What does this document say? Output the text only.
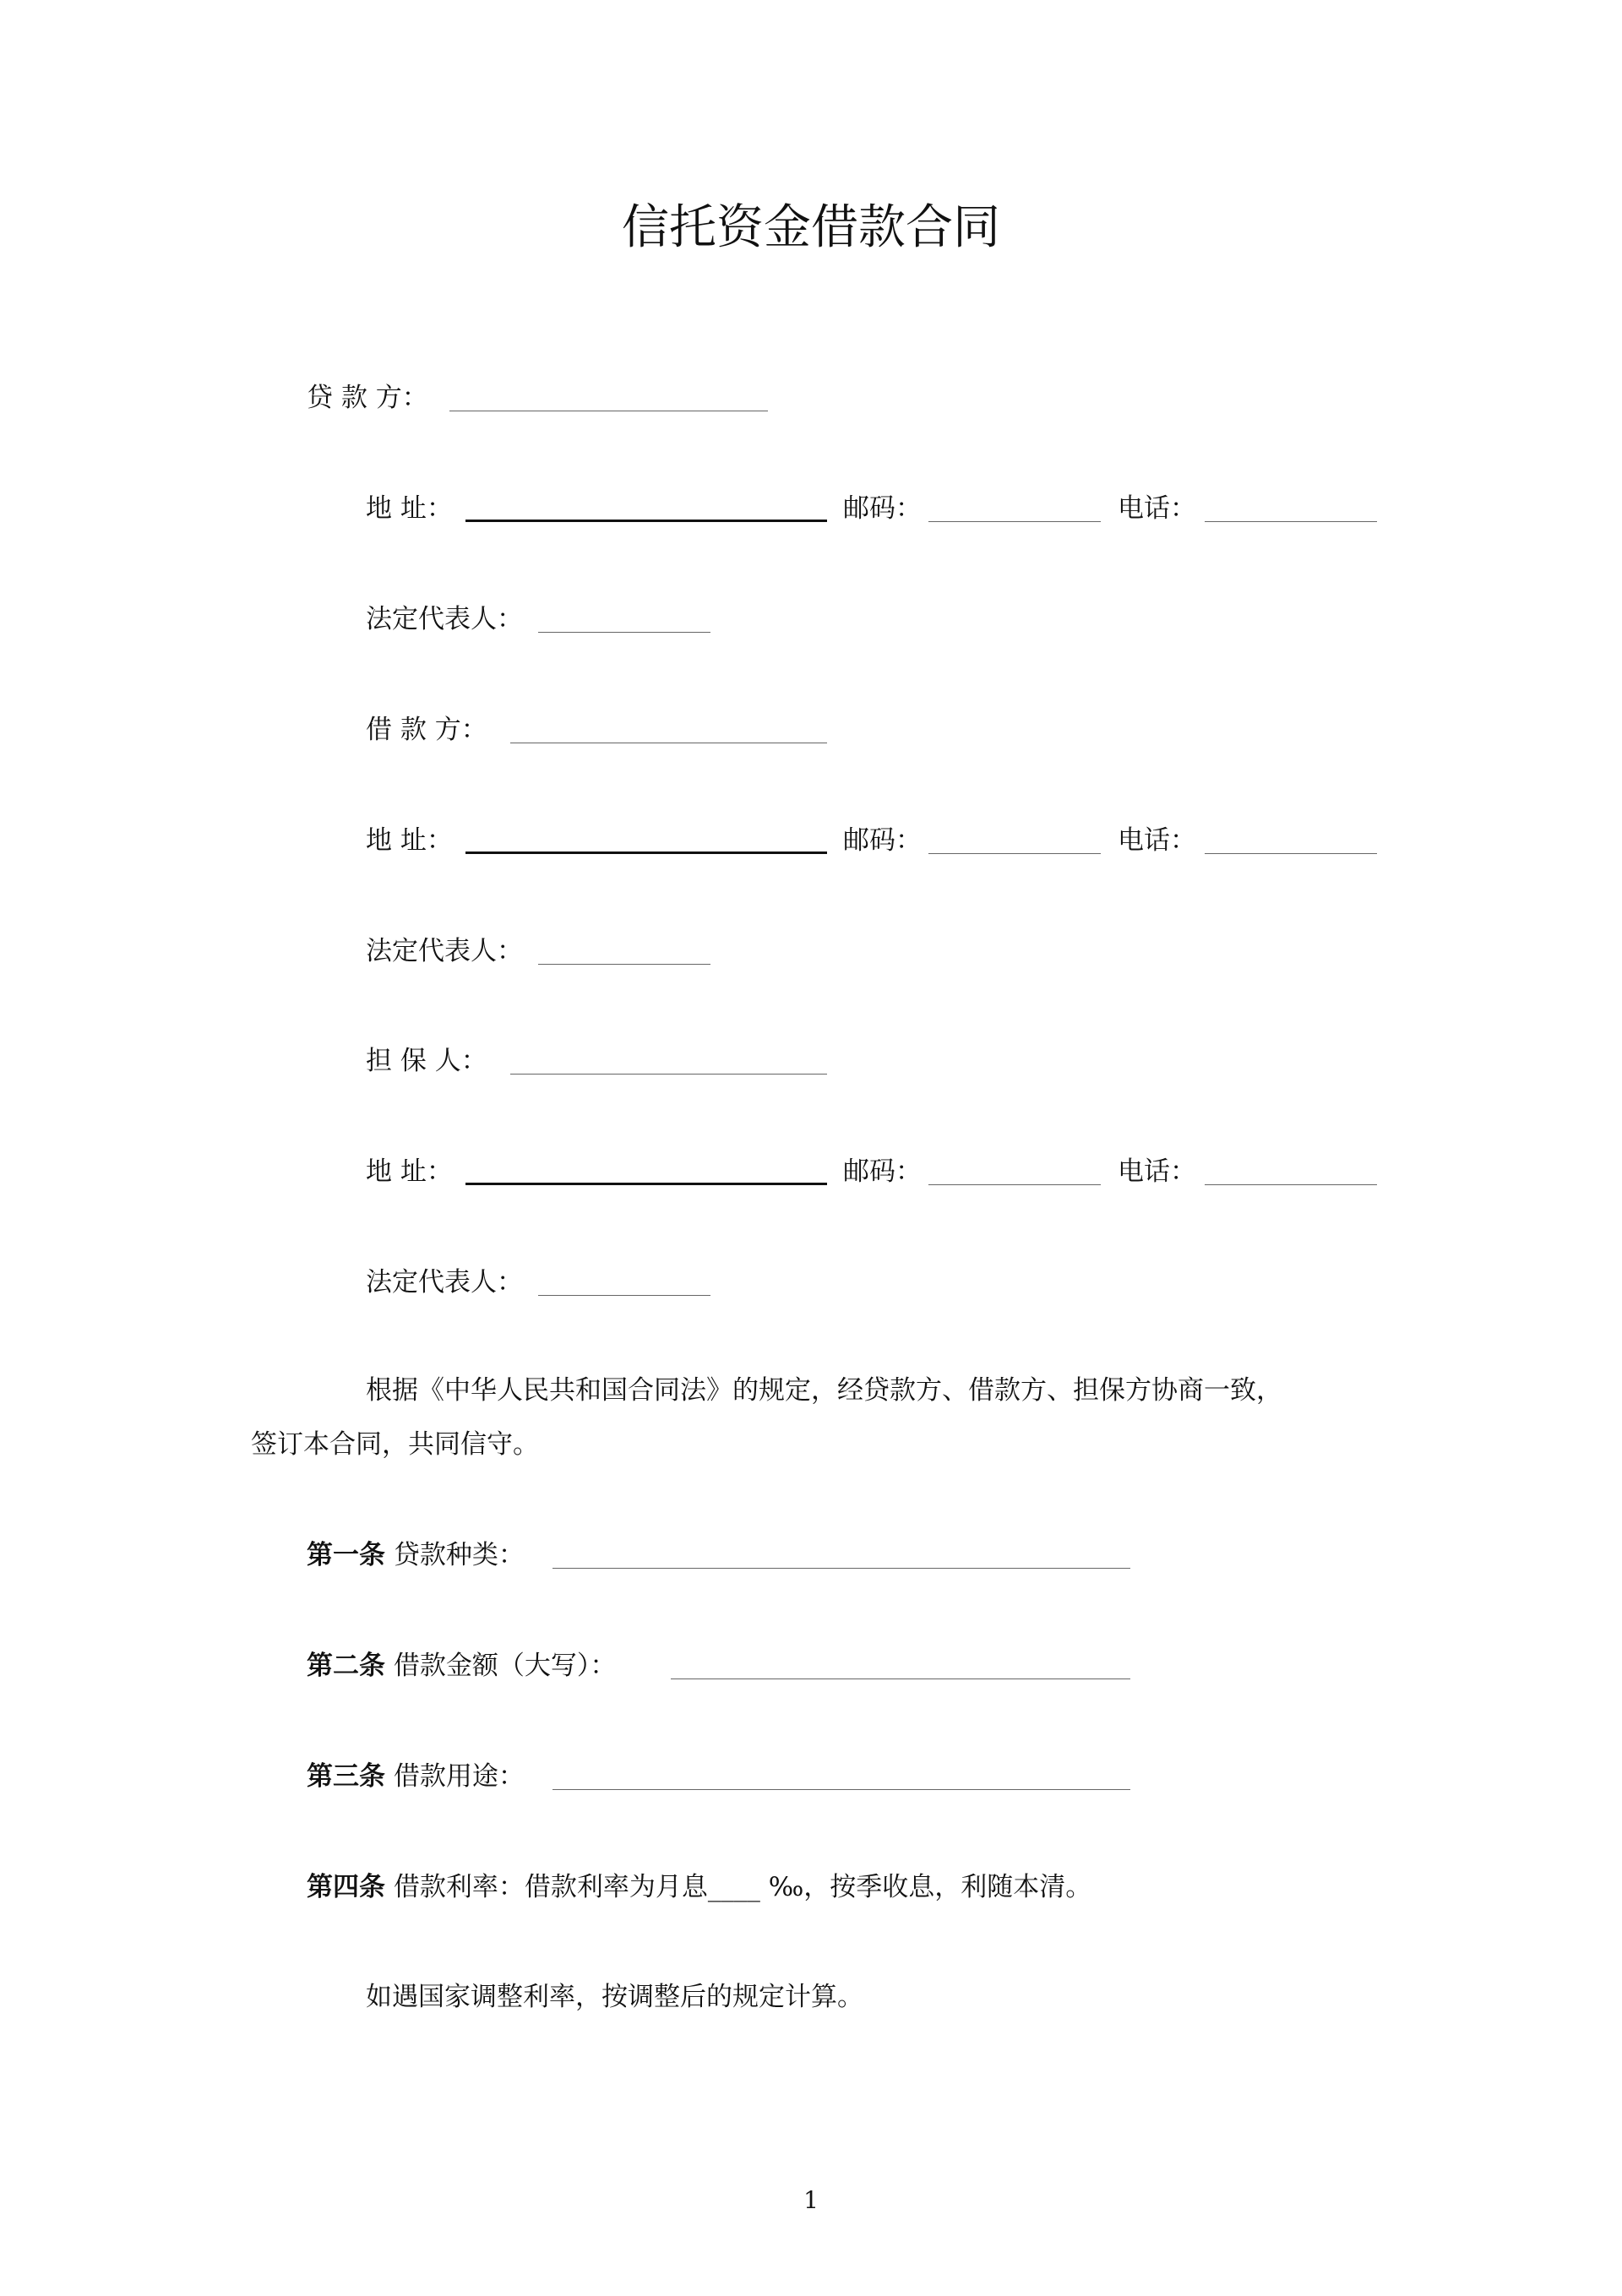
信托资金借款合同
贷 款 方：
地 址：	邮码：	电话：
法定代表人：
借 款 方：
地 址：	邮码：	电话：
法定代表人：
担 保 人：
地 址：	邮码：	电话：
法定代表人：
根据《中华人民共和国合同法》的规定，经贷款方、借款方、担保方协商一致，
签订本合同，共同信守。
第一条 贷款种类：
第二条 借款金额（大写）：
第三条 借款用途：
第四条 借款利率：借款利率为月息____ ‰，按季收息，利随本清。
如遇国家调整利率，按调整后的规定计算。
1
